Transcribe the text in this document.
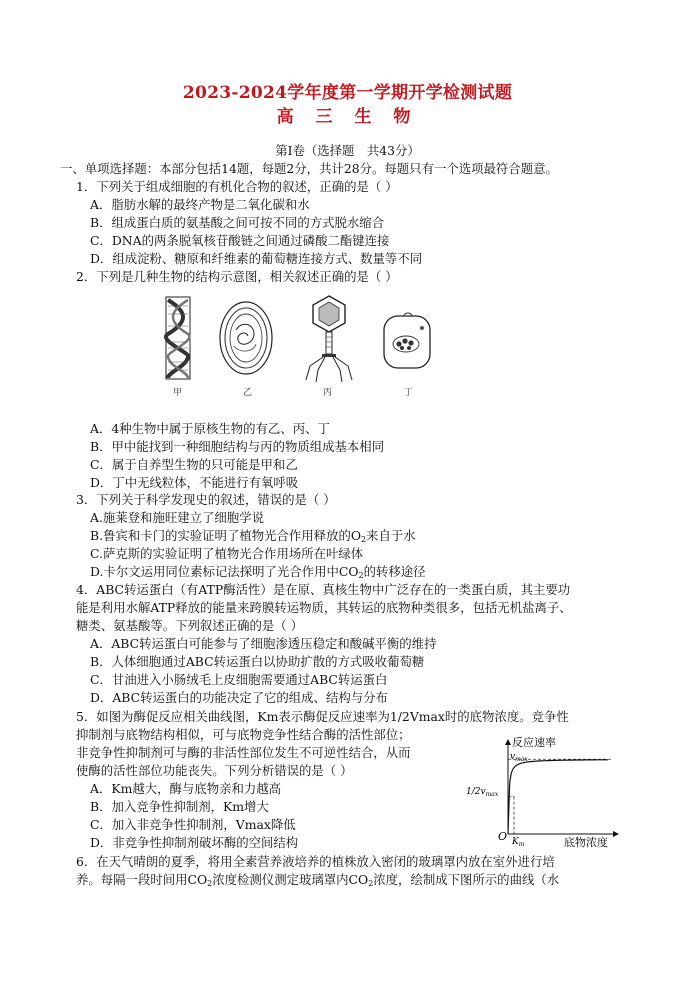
2023-2024学年度第一学期开学检测试题
高 三 生 物
第Ⅰ卷（选择题　共43分）
一、单项选择题：本部分包括14题，每题2分，共计28分。每题只有一个选项最符合题意。
1．下列关于组成细胞的有机化合物的叙述，正确的是（ ）
A．脂肪水解的最终产物是二氧化碳和水
B．组成蛋白质的氨基酸之间可按不同的方式脱水缩合
C．DNA的两条脱氧核苷酸链之间通过磷酸二酯键连接
D．组成淀粉、糖原和纤维素的葡萄糖连接方式、数量等不同
2．下列是几种生物的结构示意图，相关叙述正确的是（ ）
甲	乙	丙	丁
A．4种生物中属于原核生物的有乙、丙、丁
B．甲中能找到一种细胞结构与丙的物质组成基本相同
C．属于自养型生物的只可能是甲和乙
D．丁中无线粒体，不能进行有氧呼吸
3．下列关于科学发现史的叙述，错误的是（ ）
A.施莱登和施旺建立了细胞学说
B.鲁宾和卡门的实验证明了植物光合作用释放的$O_2$来自于水
C.萨克斯的实验证明了植物光合作用场所在叶绿体
D.卡尔文运用同位素标记法探明了光合作用中$CO_2$的转移途径
4．ABC转运蛋白（有ATP酶活性）是在原、真核生物中广泛存在的一类蛋白质，其主要功
能是利用水解ATP释放的能量来跨膜转运物质，其转运的底物种类很多，包括无机盐离子、
糖类、氨基酸等。下列叙述正确的是（ ）
A．ABC转运蛋白可能参与了细胞渗透压稳定和酸碱平衡的维持
B．人体细胞通过ABC转运蛋白以协助扩散的方式吸收葡萄糖
C．甘油进入小肠绒毛上皮细胞需要通过ABC转运蛋白
D．ABC转运蛋白的功能决定了它的组成、结构与分布
5．如图为酶促反应相关曲线图，Km表示酶促反应速率为1/2Vmax时的底物浓度。竞争性
抑制剂与底物结构相似，可与底物竞争性结合酶的活性部位；
非竞争性抑制剂可与酶的非活性部位发生不可逆性结合，从而
使酶的活性部位功能丧失。下列分析错误的是（ ）
A．Km越大，酶与底物亲和力越高
B．加入竞争性抑制剂，Km增大
C．加入非竞争性抑制剂，Vmax降低
D．非竞争性抑制剂破坏酶的空间结构
反应速率
底物浓度
O
$v_{max}$
$1/2v_{max}$
$K_m$
6．在天气晴朗的夏季，将用全素营养液培养的植株放入密闭的玻璃罩内放在室外进行培
养。每隔一段时间用$CO_2$浓度检测仪测定玻璃罩内$CO_2$浓度，绘制成下图所示的曲线（水
